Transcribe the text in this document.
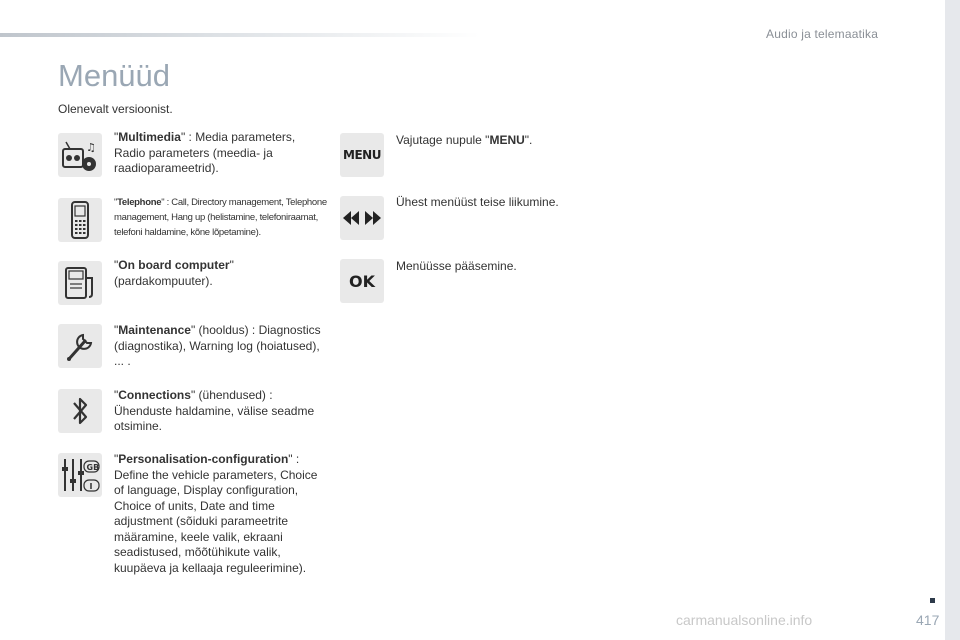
Audio ja telemaatika
Menüüd
Olenevalt versioonist.
♫
"Multimedia" : Media parameters, Radio parameters (meedia- ja raadioparameetrid).
"Telephone" : Call, Directory management, Telephone management, Hang up (helistamine, telefoniraamat, telefoni haldamine, kõne lõpetamine).
"On board computer" (pardakompuuter).
"Maintenance" (hooldus) : Diagnostics (diagnostika), Warning log (hoiatused), ... .
"Connections" (ühendused) : Ühenduste haldamine, välise seadme otsimine.
GB
I
"Personalisation-configuration" : Define the vehicle parameters, Choice of language, Display configuration, Choice of units, Date and time adjustment (sõiduki parameetrite määramine, keele valik, ekraani seadistused, mõõtühikute valik, kuupäeva ja kellaaja reguleerimine).
MENU
Vajutage nupule "MENU".
Ühest menüüst teise liikumine.
OK
Menüüsse pääsemine.
carmanualsonline.info	417
